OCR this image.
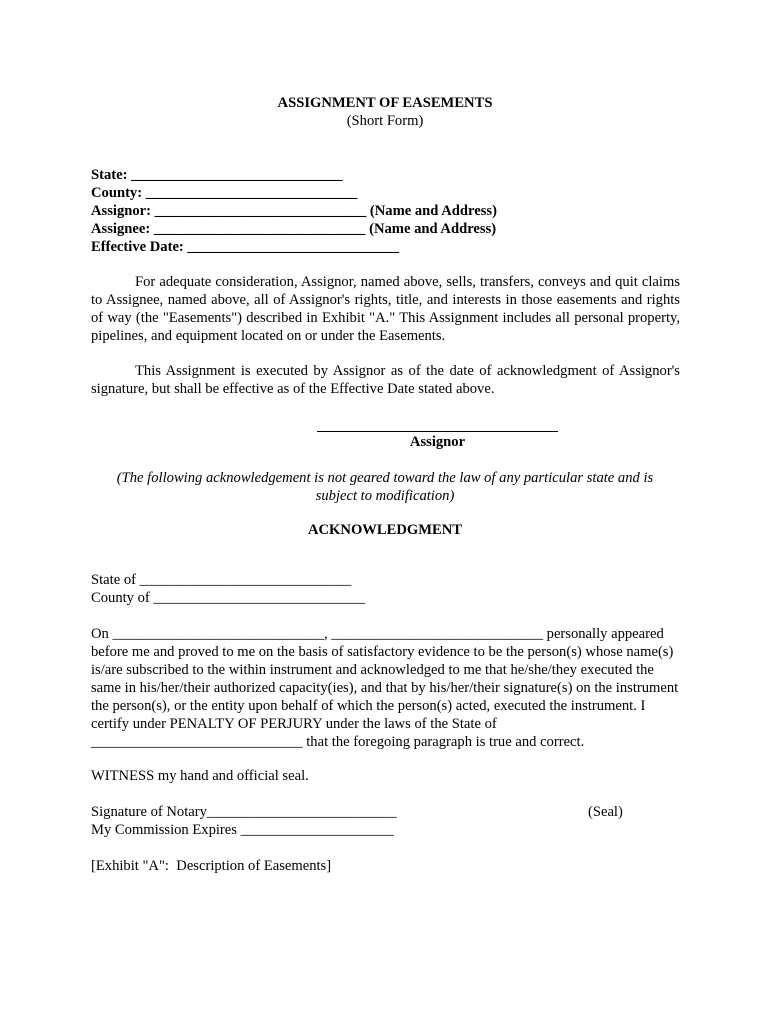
ASSIGNMENT OF EASEMENTS
(Short Form)
State: _____________________________
County: _____________________________
Assignor: _____________________________ (Name and Address)
Assignee: _____________________________ (Name and Address)
Effective Date: _____________________________
For adequate consideration, Assignor, named above, sells, transfers, conveys and quit claims to Assignee, named above, all of Assignor's rights, title, and interests in those easements and rights of way (the "Easements") described in Exhibit "A." This Assignment includes all personal property, pipelines, and equipment located on or under the Easements.
This Assignment is executed by Assignor as of the date of acknowledgment of Assignor's signature, but shall be effective as of the Effective Date stated above.
Assignor
(The following acknowledgement is not geared toward the law of any particular state and is
subject to modification)
ACKNOWLEDGMENT
State of _____________________________
County of _____________________________
On _____________________________, _____________________________ personally appeared before me and proved to me on the basis of satisfactory evidence to be the person(s) whose name(s) is/are subscribed to the within instrument and acknowledged to me that he/she/they executed the same in his/her/their authorized capacity(ies), and that by his/her/their signature(s) on the instrument the person(s), or the entity upon behalf of which the person(s) acted, executed the instrument. I certify under PENALTY OF PERJURY under the laws of the State of _____________________________ that the foregoing paragraph is true and correct.
WITNESS my hand and official seal.
Signature of Notary__________________________	(Seal)
My Commission Expires _____________________
[Exhibit "A":  Description of Easements]
